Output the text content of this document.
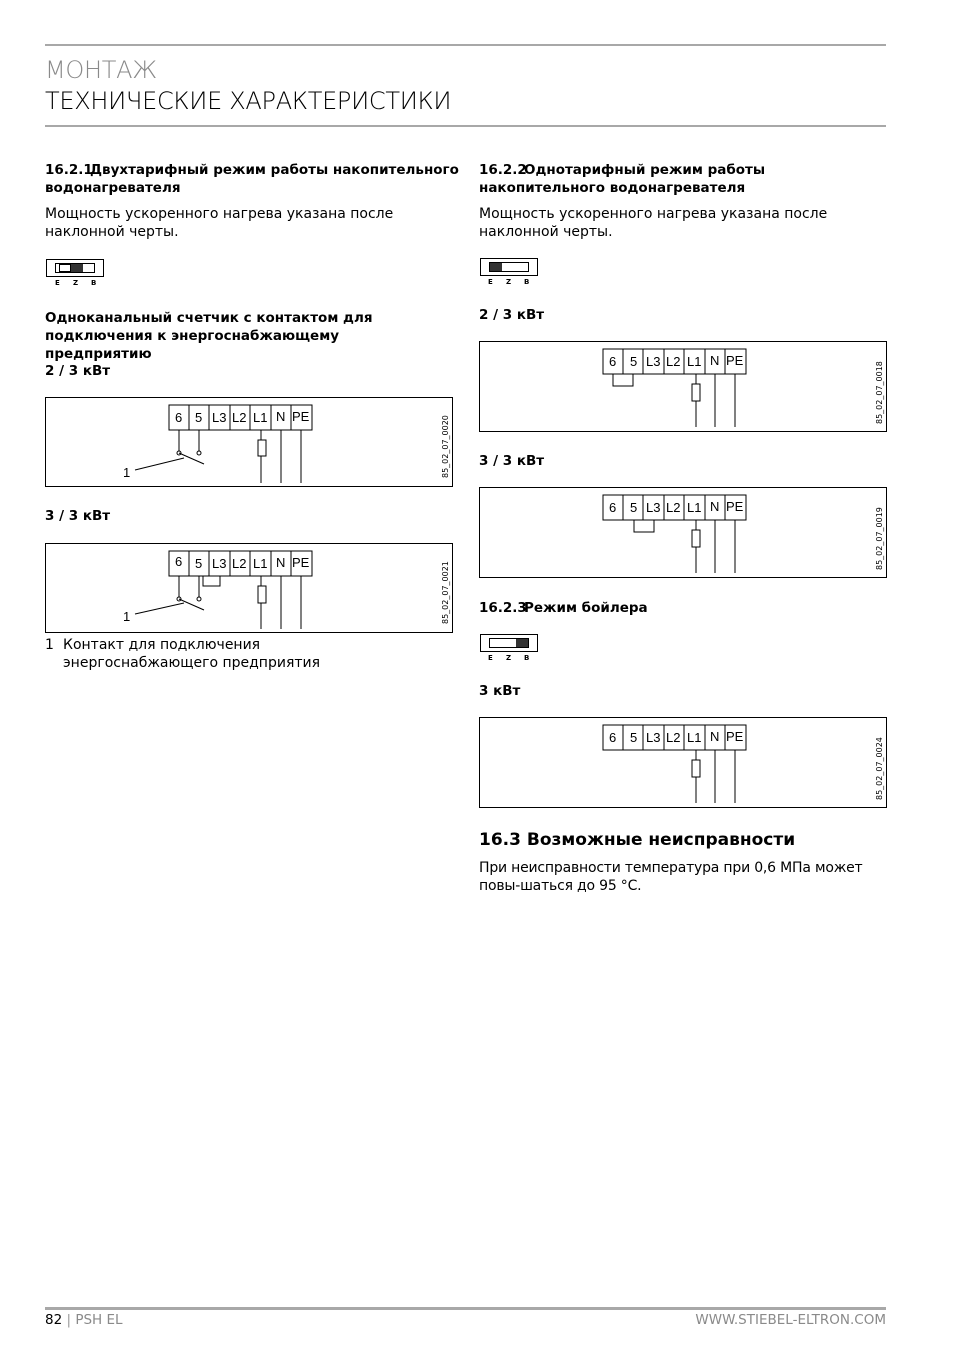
МОНТАЖ
ТЕХНИЧЕСКИЕ ХАРАКТЕРИСТИКИ
16.2.1
Двухтарифный режим работы накопительного водонагревателя
Мощность ускоренного нагрева указана после наклонной черты.
E Z B
Одноканальный счетчик с контактом для подключения к энергоснабжающему предприятию
2 / 3 кВт
6 5 L3 L2 L1 N PE
1	85_02_07_0020
3 / 3 кВт
6 5 L3 L2 L1 N PE
1	85_02_07_0021
1 Контакт для подключения энергоснабжающего предприятия
16.2.2
Однотарифный режим работы накопительного водонагревателя
Мощность ускоренного нагрева указана после наклонной черты.
E Z B
2 / 3 кВт
6 5 L3 L2 L1 N PE
85_02_07_0018
3 / 3 кВт
6 5 L3 L2 L1 N PE
85_02_07_0019
16.2.3
Режим бойлера
E Z B
3 кВт
6 5 L3 L2 L1 N PE
85_02_07_0024
16.3 Возможные неисправности
При неисправности температура при 0,6 МПа может повы-шаться до 95 °C.
82 | PSH EL	WWW.STIEBEL-ELTRON.COM
